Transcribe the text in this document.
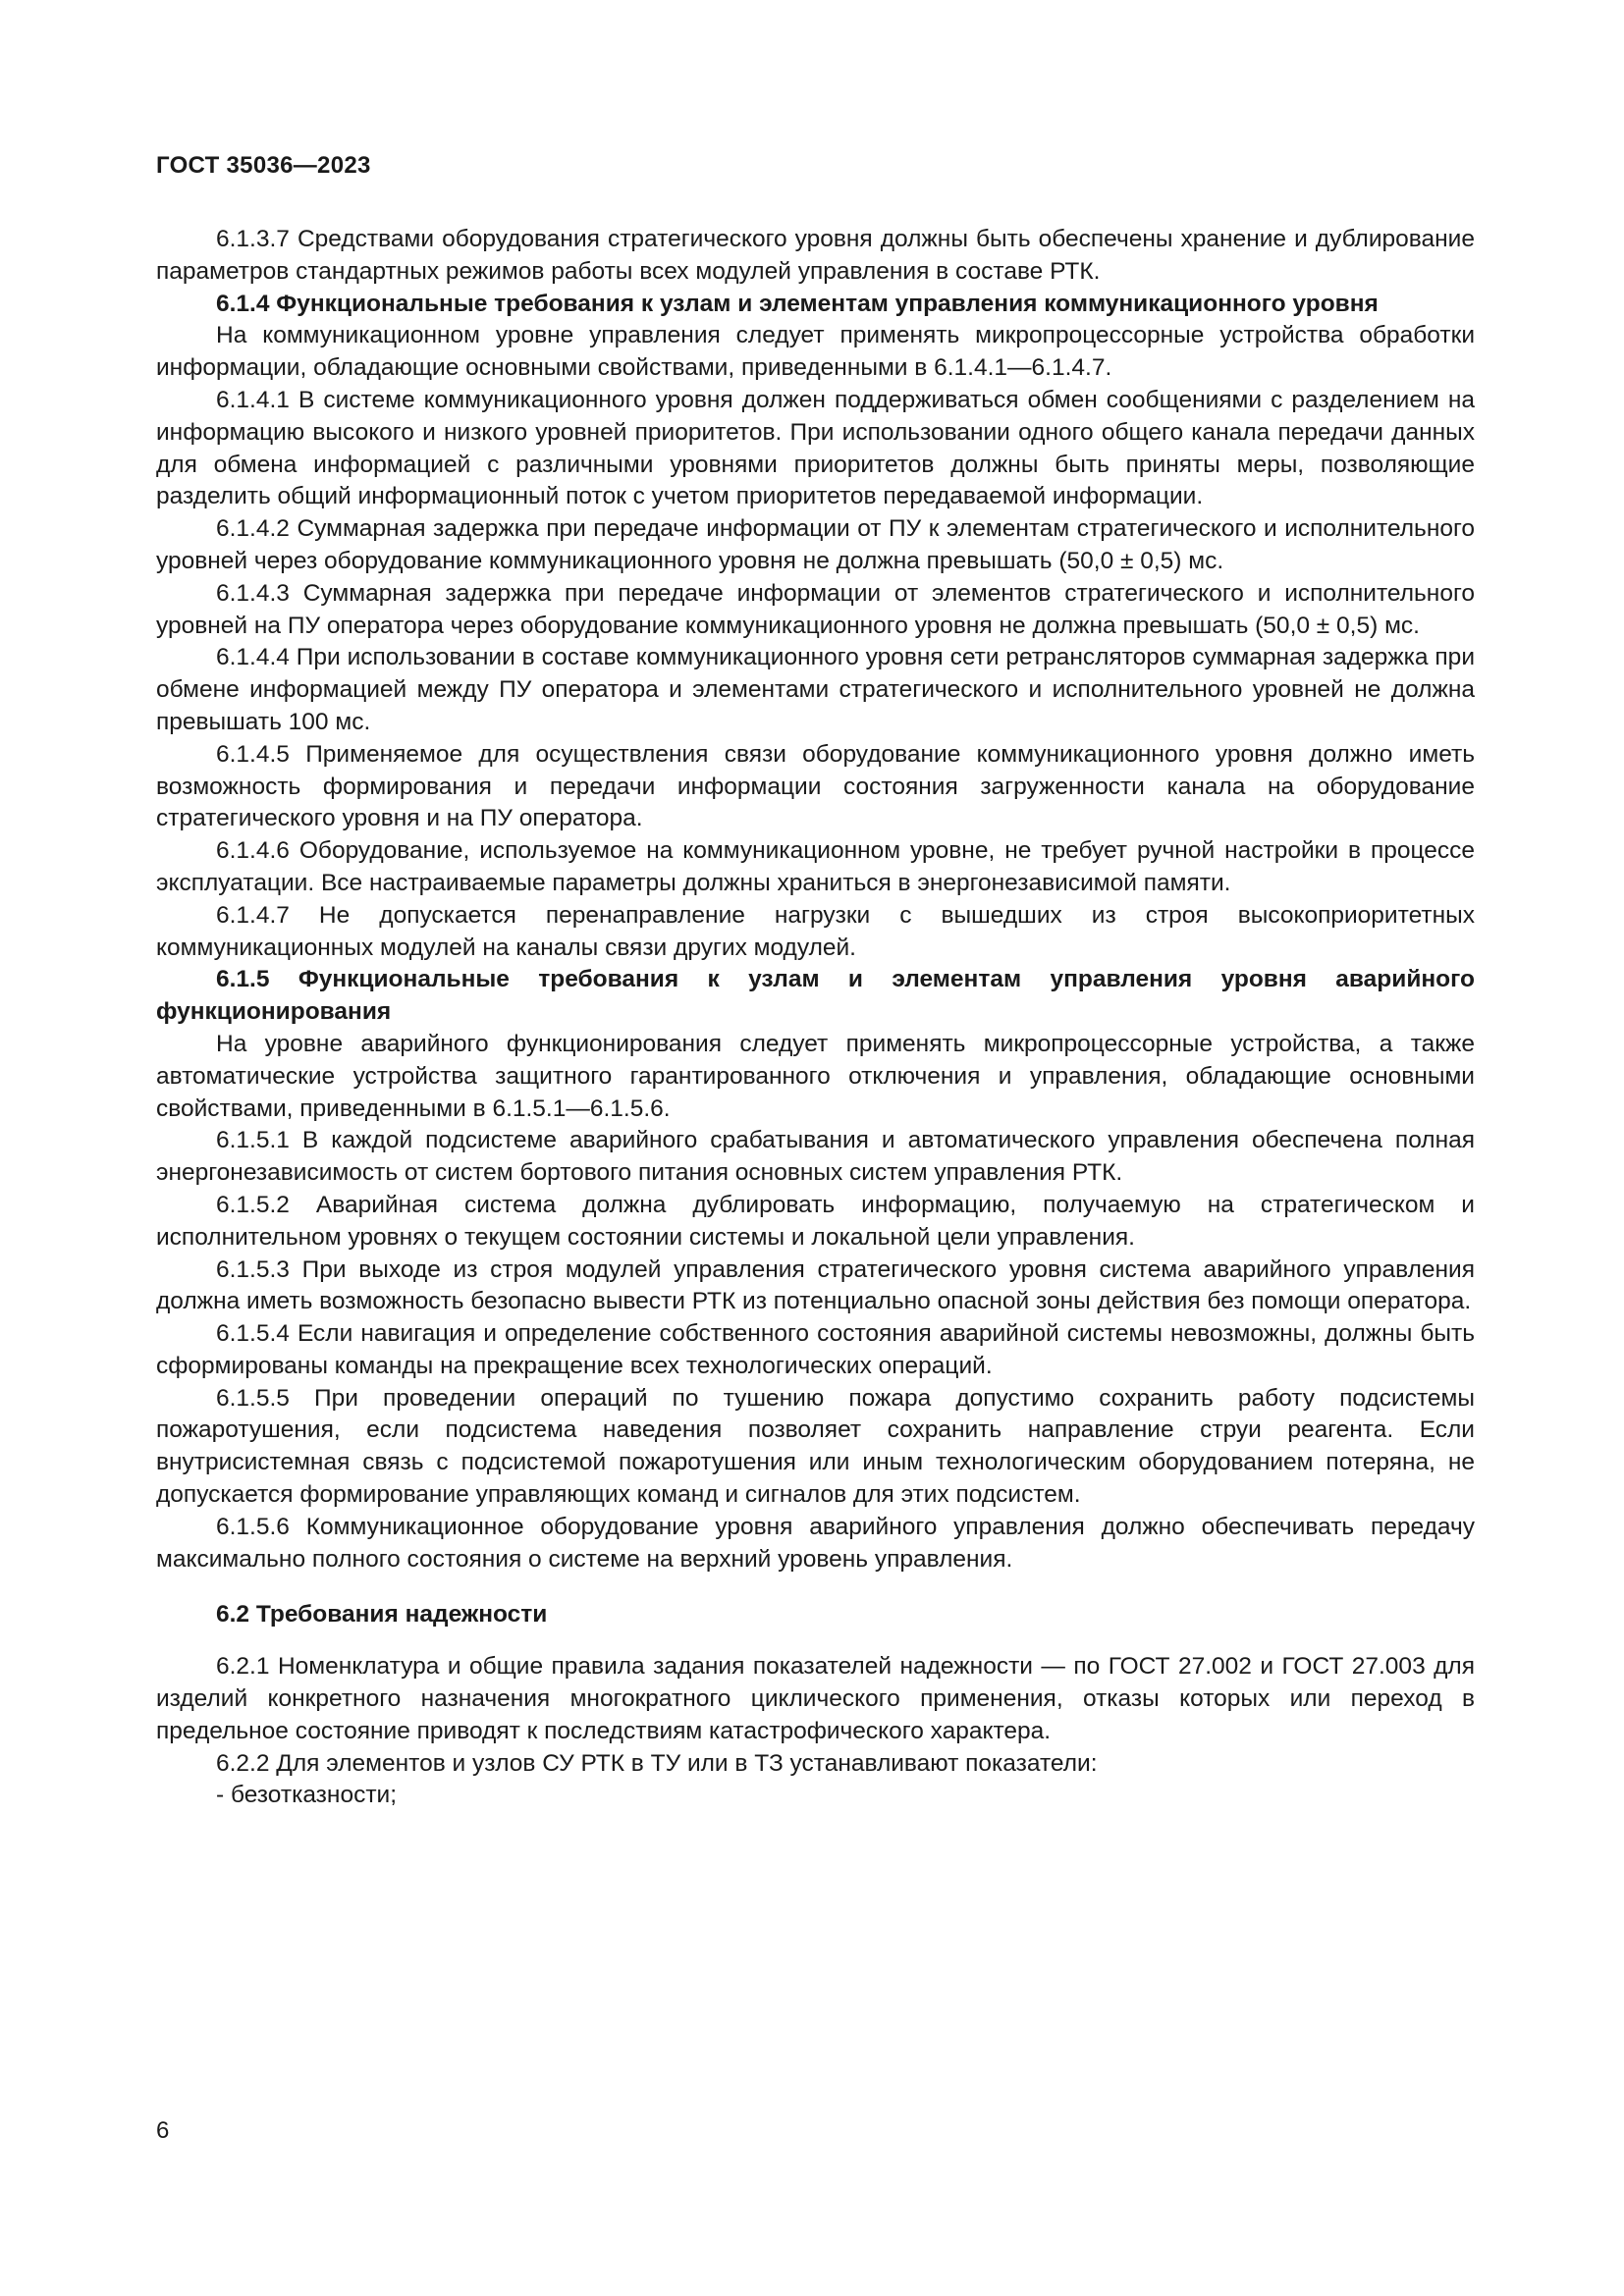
ГОСТ 35036—2023

6.1.3.7 Средствами оборудования стратегического уровня должны быть обеспечены хранение и дублирование параметров стандартных режимов работы всех модулей управления в составе РТК.

6.1.4 Функциональные требования к узлам и элементам управления коммуникационного уровня

На коммуникационном уровне управления следует применять микропроцессорные устройства обработки информации, обладающие основными свойствами, приведенными в 6.1.4.1—6.1.4.7.

6.1.4.1 В системе коммуникационного уровня должен поддерживаться обмен сообщениями с разделением на информацию высокого и низкого уровней приоритетов. При использовании одного общего канала передачи данных для обмена информацией с различными уровнями приоритетов должны быть приняты меры, позволяющие разделить общий информационный поток с учетом приоритетов передаваемой информации.

6.1.4.2 Суммарная задержка при передаче информации от ПУ к элементам стратегического и исполнительного уровней через оборудование коммуникационного уровня не должна превышать (50,0 ± 0,5) мс.

6.1.4.3 Суммарная задержка при передаче информации от элементов стратегического и исполнительного уровней на ПУ оператора через оборудование коммуникационного уровня не должна превышать (50,0 ± 0,5) мс.

6.1.4.4 При использовании в составе коммуникационного уровня сети ретрансляторов суммарная задержка при обмене информацией между ПУ оператора и элементами стратегического и исполнительного уровней не должна превышать 100 мс.

6.1.4.5 Применяемое для осуществления связи оборудование коммуникационного уровня должно иметь возможность формирования и передачи информации состояния загруженности канала на оборудование стратегического уровня и на ПУ оператора.

6.1.4.6 Оборудование, используемое на коммуникационном уровне, не требует ручной настройки в процессе эксплуатации. Все настраиваемые параметры должны храниться в энергонезависимой памяти.

6.1.4.7 Не допускается перенаправление нагрузки с вышедших из строя высокоприоритетных коммуникационных модулей на каналы связи других модулей.

6.1.5 Функциональные требования к узлам и элементам управления уровня аварийного функционирования

На уровне аварийного функционирования следует применять микропроцессорные устройства, а также автоматические устройства защитного гарантированного отключения и управления, обладающие основными свойствами, приведенными в 6.1.5.1—6.1.5.6.

6.1.5.1 В каждой подсистеме аварийного срабатывания и автоматического управления обеспечена полная энергонезависимость от систем бортового питания основных систем управления РТК.

6.1.5.2 Аварийная система должна дублировать информацию, получаемую на стратегическом и исполнительном уровнях о текущем состоянии системы и локальной цели управления.

6.1.5.3 При выходе из строя модулей управления стратегического уровня система аварийного управления должна иметь возможность безопасно вывести РТК из потенциально опасной зоны действия без помощи оператора.

6.1.5.4 Если навигация и определение собственного состояния аварийной системы невозможны, должны быть сформированы команды на прекращение всех технологических операций.

6.1.5.5 При проведении операций по тушению пожара допустимо сохранить работу подсистемы пожаротушения, если подсистема наведения позволяет сохранить направление струи реагента. Если внутрисистемная связь с подсистемой пожаротушения или иным технологическим оборудованием потеряна, не допускается формирование управляющих команд и сигналов для этих подсистем.

6.1.5.6 Коммуникационное оборудование уровня аварийного управления должно обеспечивать передачу максимально полного состояния о системе на верхний уровень управления.

6.2 Требования надежности

6.2.1 Номенклатура и общие правила задания показателей надежности — по ГОСТ 27.002 и ГОСТ 27.003 для изделий конкретного назначения многократного циклического применения, отказы которых или переход в предельное состояние приводят к последствиям катастрофического характера.

6.2.2 Для элементов и узлов СУ РТК в ТУ или в ТЗ устанавливают показатели:

- безотказности;

6
